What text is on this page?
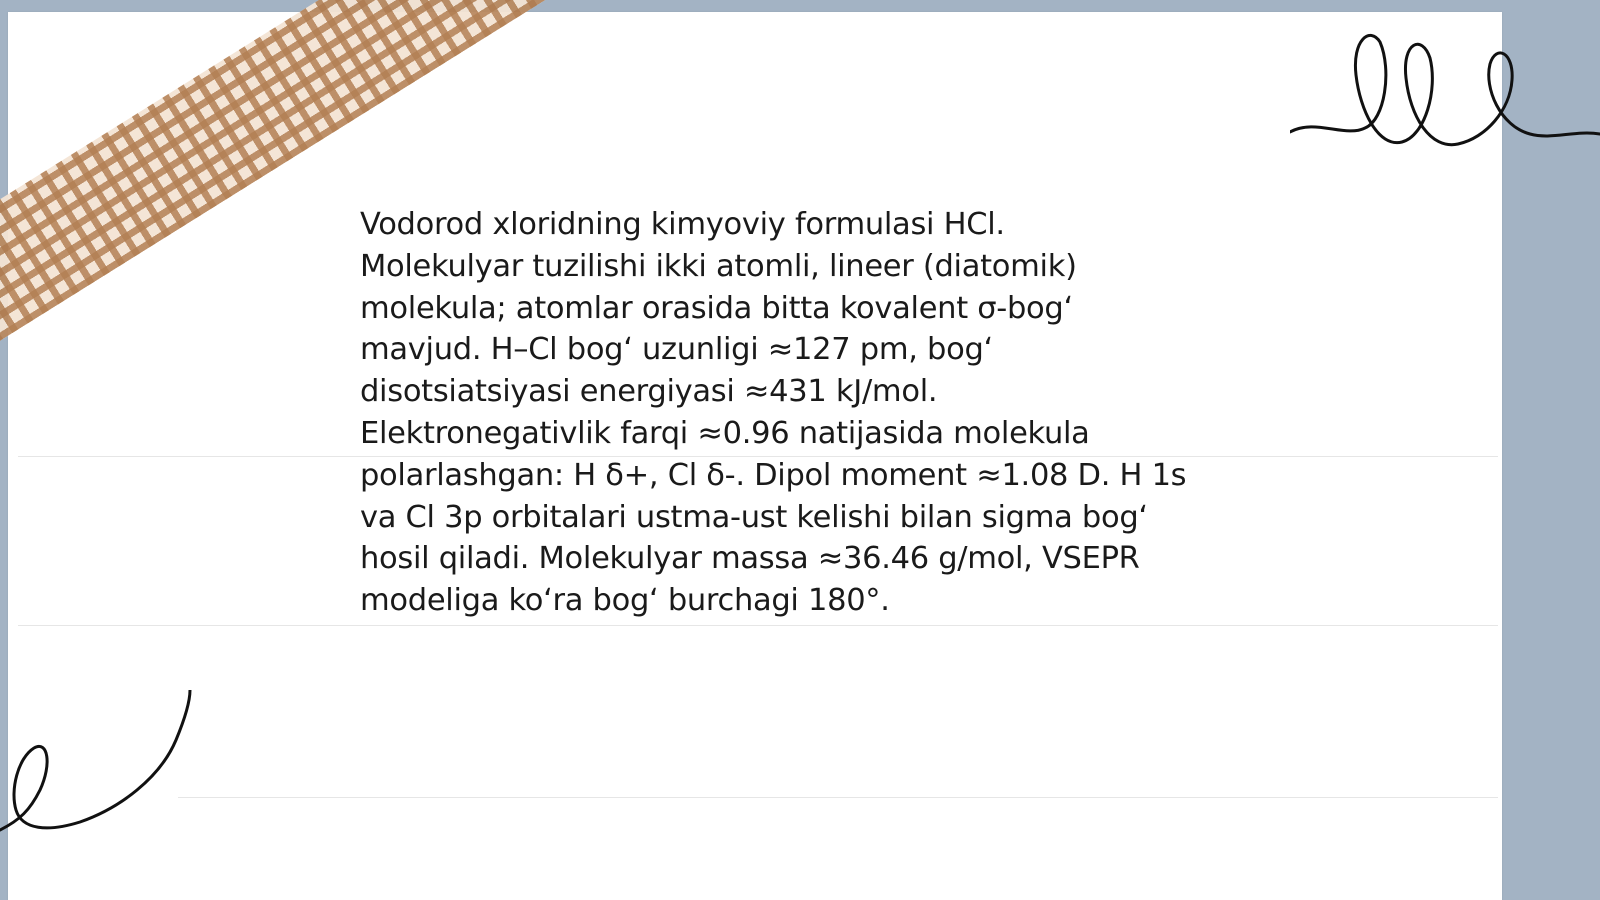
Vodorod xloridning kimyoviy formulasi HCl.
Molekulyar tuzilishi ikki atomli, lineer (diatomik)
molekula; atomlar orasida bitta kovalent σ-bog‘
mavjud. H–Cl bog‘ uzunligi ≈127 pm, bog‘
disotsiatsiyasi energiyasi ≈431 kJ/mol.
Elektronegativlik farqi ≈0.96 natijasida molekula
polarlashgan: H δ+, Cl δ-. Dipol moment ≈1.08 D. H 1s
va Cl 3p orbitalari ustma-ust kelishi bilan sigma bog‘
hosil qiladi. Molekulyar massa ≈36.46 g/mol, VSEPR
modeliga ko‘ra bog‘ burchagi 180°.
